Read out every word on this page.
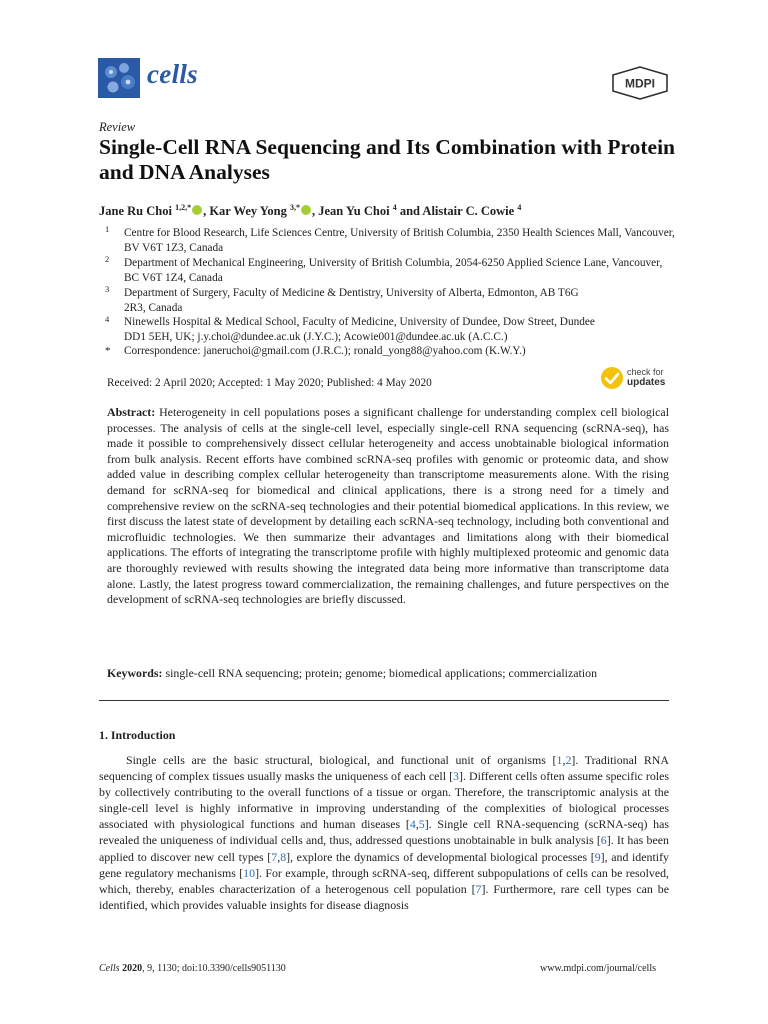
cells	MDPI
Review
Single-Cell RNA Sequencing and Its Combination with Protein and DNA Analyses
Jane Ru Choi $^{1,2,*}$ , Kar Wey Yong $^{3,*}$ , Jean Yu Choi $^4$ and Alistair C. Cowie $^4$
1 Centre for Blood Research, Life Sciences Centre, University of British Columbia, 2350 Health Sciences Mall, Vancouver, BV V6T 1Z3, Canada
2 Department of Mechanical Engineering, University of British Columbia, 2054-6250 Applied Science Lane, Vancouver, BC V6T 1Z4, Canada
3 Department of Surgery, Faculty of Medicine & Dentistry, University of Alberta, Edmonton, AB T6G 2R3, Canada
4 Ninewells Hospital & Medical School, Faculty of Medicine, University of Dundee, Dow Street, Dundee DD1 5EH, UK; j.y.choi@dundee.ac.uk (J.Y.C.); Acowie001@dundee.ac.uk (A.C.C.)
* Correspondence: janeruchoi@gmail.com (J.R.C.); ronald_yong88@yahoo.com (K.W.Y.)
Received: 2 April 2020; Accepted: 1 May 2020; Published: 4 May 2020
check for
updates
Abstract: Heterogeneity in cell populations poses a significant challenge for understanding complex cell biological processes. The analysis of cells at the single-cell level, especially single-cell RNA sequencing (scRNA-seq), has made it possible to comprehensively dissect cellular heterogeneity and access unobtainable biological information from bulk analysis. Recent efforts have combined scRNA-seq profiles with genomic or proteomic data, and show added value in describing complex cellular heterogeneity than transcriptome measurements alone. With the rising demand for scRNA-seq for biomedical and clinical applications, there is a strong need for a timely and comprehensive review on the scRNA-seq technologies and their potential biomedical applications. In this review, we first discuss the latest state of development by detailing each scRNA-seq technology, including both conventional and microfluidic technologies. We then summarize their advantages and limitations along with their biomedical applications. The efforts of integrating the transcriptome profile with highly multiplexed proteomic and genomic data are thoroughly reviewed with results showing the integrated data being more informative than transcriptome data alone. Lastly, the latest progress toward commercialization, the remaining challenges, and future perspectives on the development of scRNA-seq technologies are briefly discussed.
Keywords: single-cell RNA sequencing; protein; genome; biomedical applications; commercialization
1. Introduction
Single cells are the basic structural, biological, and functional unit of organisms [1,2]. Traditional RNA sequencing of complex tissues usually masks the uniqueness of each cell [3]. Different cells often assume specific roles by collectively contributing to the overall functions of a tissue or organ. Therefore, the transcriptomic analysis at the single-cell level is highly informative in improving understanding of the complexities of biological processes associated with physiological functions and human diseases [4,5]. Single cell RNA-sequencing (scRNA-seq) has revealed the uniqueness of individual cells and, thus, addressed questions unobtainable in bulk analysis [6]. It has been applied to discover new cell types [7,8], explore the dynamics of developmental biological processes [9], and identify gene regulatory mechanisms [10]. For example, through scRNA-seq, different subpopulations of cells can be resolved, which, thereby, enables characterization of a heterogenous cell population [7]. Furthermore, rare cell types can be identified, which provides valuable insights for disease diagnosis
Cells 2020, 9, 1130; doi:10.3390/cells9051130	www.mdpi.com/journal/cells
